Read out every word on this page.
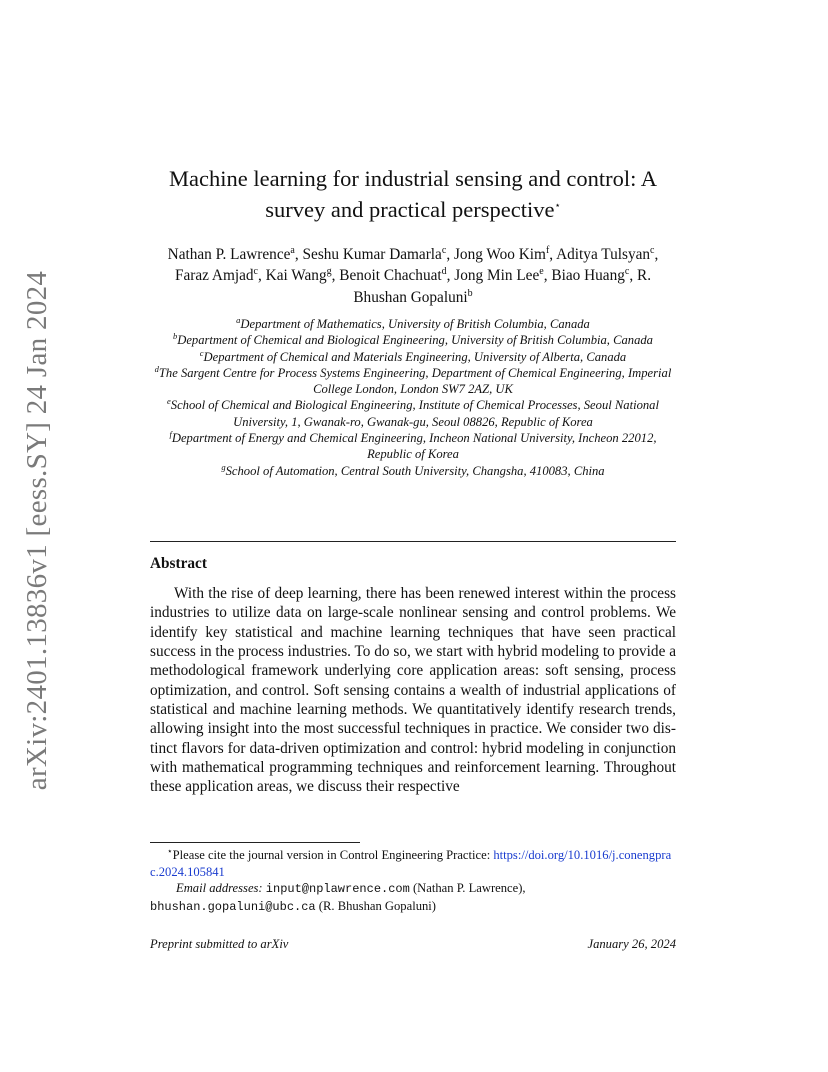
arXiv:2401.13836v1 [eess.SY] 24 Jan 2024
Machine learning for industrial sensing and control: A survey and practical perspective⋆
Nathan P. Lawrence$^a$, Seshu Kumar Damarla$^c$, Jong Woo Kim$^f$, Aditya Tulsyan$^c$, Faraz Amjad$^c$, Kai Wang$^g$, Benoit Chachuat$^d$, Jong Min Lee$^e$, Biao Huang$^c$, R. Bhushan Gopaluni$^b$
$^a$Department of Mathematics, University of British Columbia, Canada
$^b$Department of Chemical and Biological Engineering, University of British Columbia, Canada
$^c$Department of Chemical and Materials Engineering, University of Alberta, Canada
$^d$The Sargent Centre for Process Systems Engineering, Department of Chemical Engineering, Imperial College London, London SW7 2AZ, UK
$^e$School of Chemical and Biological Engineering, Institute of Chemical Processes, Seoul National University, 1, Gwanak-ro, Gwanak-gu, Seoul 08826, Republic of Korea
$^f$Department of Energy and Chemical Engineering, Incheon National University, Incheon 22012, Republic of Korea
$^g$School of Automation, Central South University, Changsha, 410083, China
Abstract
With the rise of deep learning, there has been renewed interest within the process industries to utilize data on large-scale nonlinear sensing and control problems. We identify key statistical and machine learning techniques that have seen practical success in the process industries. To do so, we start with hybrid modeling to provide a methodological framework underlying core application areas: soft sensing, process optimization, and control. Soft sensing contains a wealth of industrial applications of statistical and machine learning methods. We quantitatively identify research trends, allowing insight into the most successful techniques in practice. We consider two distinct flavors for data-driven optimization and control: hybrid modeling in conjunction with mathematical programming techniques and reinforcement learning. Throughout these application areas, we discuss their respective
⋆Please cite the journal version in Control Engineering Practice: https://doi.org/10.1016/j.conengprac.2024.105841
Email addresses: input@nplawrence.com (Nathan P. Lawrence),
bhushan.gopaluni@ubc.ca (R. Bhushan Gopaluni)
Preprint submitted to arXiv	January 26, 2024
